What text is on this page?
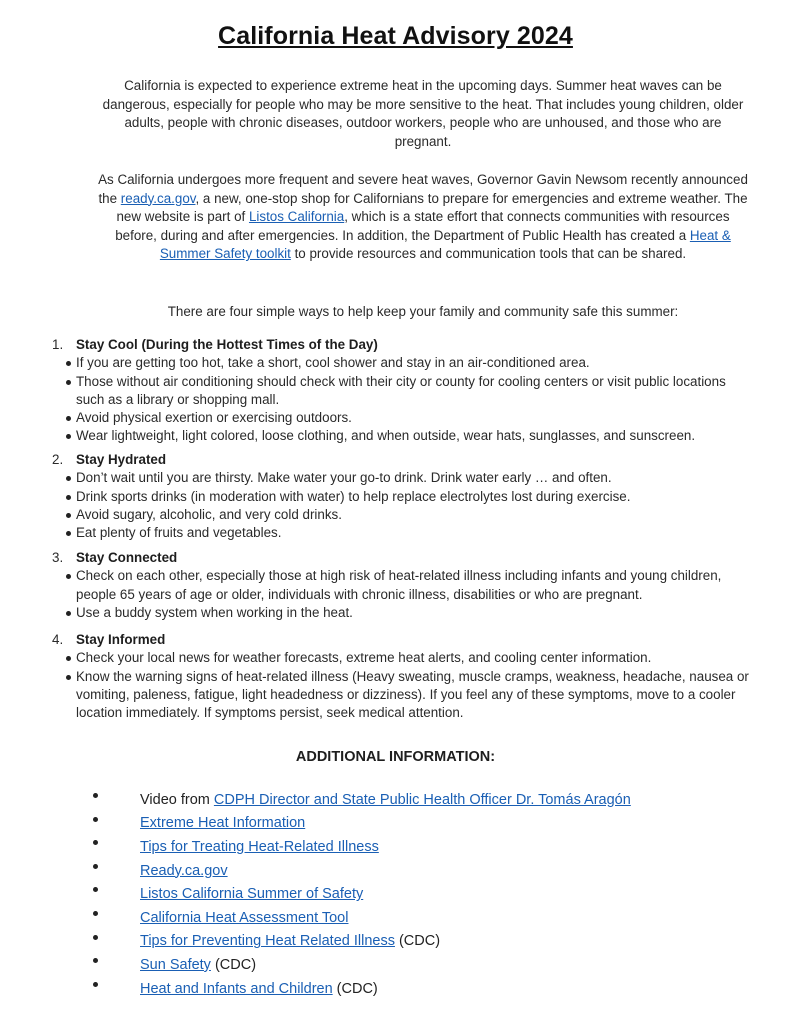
California Heat Advisory 2024

California is expected to experience extreme heat in the upcoming days. Summer heat waves can be dangerous, especially for people who may be more sensitive to the heat. That includes young children, older adults, people with chronic diseases, outdoor workers, people who are unhoused, and those who are pregnant.

As California undergoes more frequent and severe heat waves, Governor Gavin Newsom recently announced the ready.ca.gov, a new, one-stop shop for Californians to prepare for emergencies and extreme weather. The new website is part of Listos California, which is a state effort that connects communities with resources before, during and after emergencies. In addition, the Department of Public Health has created a Heat & Summer Safety toolkit to provide resources and communication tools that can be shared.

There are four simple ways to help keep your family and community safe this summer:

1. Stay Cool (During the Hottest Times of the Day)
If you are getting too hot, take a short, cool shower and stay in an air-conditioned area.
Those without air conditioning should check with their city or county for cooling centers or visit public locations such as a library or shopping mall.
Avoid physical exertion or exercising outdoors.
Wear lightweight, light colored, loose clothing, and when outside, wear hats, sunglasses, and sunscreen.
2. Stay Hydrated
Don’t wait until you are thirsty. Make water your go-to drink. Drink water early … and often.
Drink sports drinks (in moderation with water) to help replace electrolytes lost during exercise.
Avoid sugary, alcoholic, and very cold drinks.
Eat plenty of fruits and vegetables.
3. Stay Connected
Check on each other, especially those at high risk of heat-related illness including infants and young children, people 65 years of age or older, individuals with chronic illness, disabilities or who are pregnant.
Use a buddy system when working in the heat.
4. Stay Informed
Check your local news for weather forecasts, extreme heat alerts, and cooling center information.
Know the warning signs of heat-related illness (Heavy sweating, muscle cramps, weakness, headache, nausea or vomiting, paleness, fatigue, light headedness or dizziness). If you feel any of these symptoms, move to a cooler location immediately. If symptoms persist, seek medical attention.
ADDITIONAL INFORMATION:
Video from CDPH Director and State Public Health Officer Dr. Tomás Aragón
Extreme Heat Information
Tips for Treating Heat-Related Illness
Ready.ca.gov
Listos California Summer of Safety
California Heat Assessment Tool
Tips for Preventing Heat Related Illness (CDC)
Sun Safety (CDC)
Heat and Infants and Children (CDC)
